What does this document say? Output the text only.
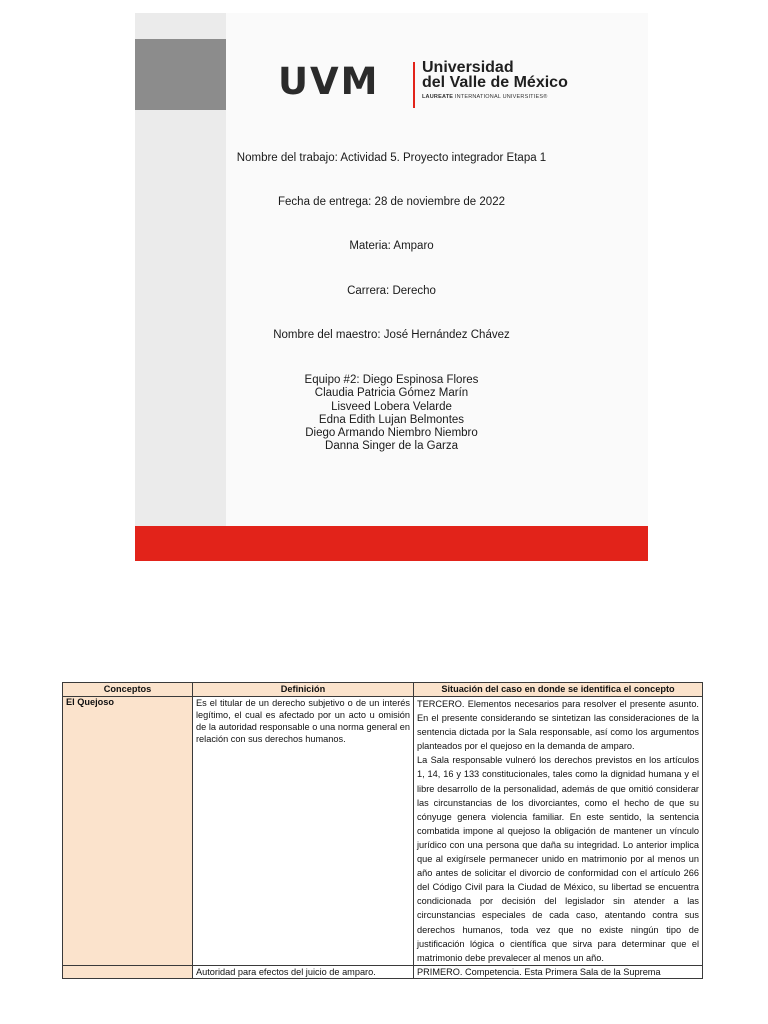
UVM	Universidad
del Valle de México
LAUREATE INTERNATIONAL UNIVERSITIES®
Nombre del trabajo: Actividad 5. Proyecto integrador Etapa 1
Fecha de entrega: 28 de noviembre de 2022
Materia: Amparo
Carrera: Derecho
Nombre del maestro: José Hernández Chávez
Equipo #2: Diego Espinosa Flores
Claudia Patricia Gómez Marín
Lisveed Lobera Velarde
Edna Edith Lujan Belmontes
Diego Armando Niembro Niembro
Danna Singer de la Garza
Conceptos	Definición	Situación del caso en donde se identifica el concepto
El Quejoso	Es el titular de un derecho subjetivo o de un interés legítimo, el cual es afectado por un acto u omisión de la autoridad responsable o una norma general en relación con sus derechos humanos.	TERCERO. Elementos necesarios para resolver el presente asunto. En el presente considerando se sintetizan las consideraciones de la sentencia dictada por la Sala responsable, así como los argumentos planteados por el quejoso en la demanda de amparo.

La Sala responsable vulneró los derechos previstos en los artículos 1, 14, 16 y 133 constitucionales, tales como la dignidad humana y el libre desarrollo de la personalidad, además de que omitió considerar las circunstancias de los divorciantes, como el hecho de que su cónyuge genera violencia familiar. En este sentido, la sentencia combatida impone al quejoso la obligación de mantener un vínculo jurídico con una persona que daña su integridad. Lo anterior implica que al exigírsele permanecer unido en matrimonio por al menos un año antes de solicitar el divorcio de conformidad con el artículo 266 del Código Civil para la Ciudad de México, su libertad se encuentra condicionada por decisión del legislador sin atender a las circunstancias especiales de cada caso, atentando contra sus derechos humanos, toda vez que no existe ningún tipo de justificación lógica o científica que sirva para determinar que el matrimonio debe prevalecer al menos un año.

	Autoridad para efectos del juicio de amparo.	PRIMERO. Competencia. Esta Primera Sala de la Suprema
